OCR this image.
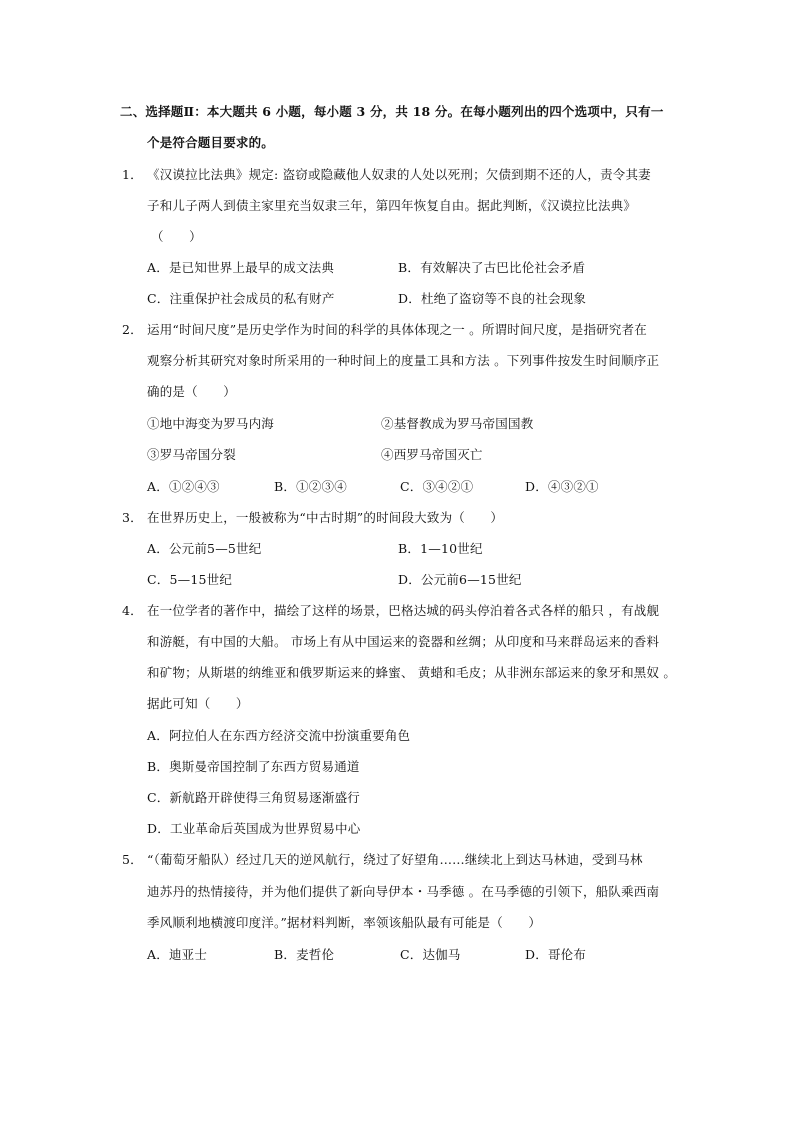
二、选择题Ⅱ：本大题共 6 小题，每小题 3 分，共 18 分。在每小题列出的四个选项中，只有一
个是符合题目要求的。
1． 《汉谟拉比法典》规定: 盗窃或隐藏他人奴隶的人处以死刑；欠债到期不还的人，责令其妻
子和儿子两人到债主家里充当奴隶三年，第四年恢复自由。据此判断，《汉谟拉比法典》
（　　）
A．是已知世界上最早的成文法典	B．有效解决了古巴比伦社会矛盾
C．注重保护社会成员的私有财产	D．杜绝了盗窃等不良的社会现象
2． 运用“时间尺度”是历史学作为时间的科学的具体体现之一 。所谓时间尺度，是指研究者在
观察分析其研究对象时所采用的一种时间上的度量工具和方法 。下列事件按发生时间顺序正
确的是（　　）
①地中海变为罗马内海	②基督教成为罗马帝国国教
③罗马帝国分裂	④西罗马帝国灭亡
A．①②④③	B．①②③④	C．③④②①	D．④③②①
3． 在世界历史上，一般被称为“中古时期”的时间段大致为（　　）
A．公元前5—5世纪	B．1—10世纪
C．5—15世纪	D．公元前6—15世纪
4． 在一位学者的著作中，描绘了这样的场景，巴格达城的码头停泊着各式各样的船只 ，有战舰
和游艇，有中国的大船。 市场上有从中国运来的瓷器和丝绸；从印度和马来群岛运来的香料
和矿物；从斯堪的纳维亚和俄罗斯运来的蜂蜜、 黄蜡和毛皮；从非洲东部运来的象牙和黑奴 。
据此可知（　　）
A．阿拉伯人在东西方经济交流中扮演重要角色
B．奥斯曼帝国控制了东西方贸易通道
C．新航路开辟使得三角贸易逐渐盛行
D．工业革命后英国成为世界贸易中心
5． “（葡萄牙船队）经过几天的逆风航行，绕过了好望角……继续北上到达马林迪，受到马林
迪苏丹的热情接待，并为他们提供了新向导伊本・马季德 。在马季德的引领下，船队乘西南
季风顺利地横渡印度洋。”据材料判断，率领该船队最有可能是（　　）
A．迪亚士	B．麦哲伦	C．达伽马	D．哥伦布
